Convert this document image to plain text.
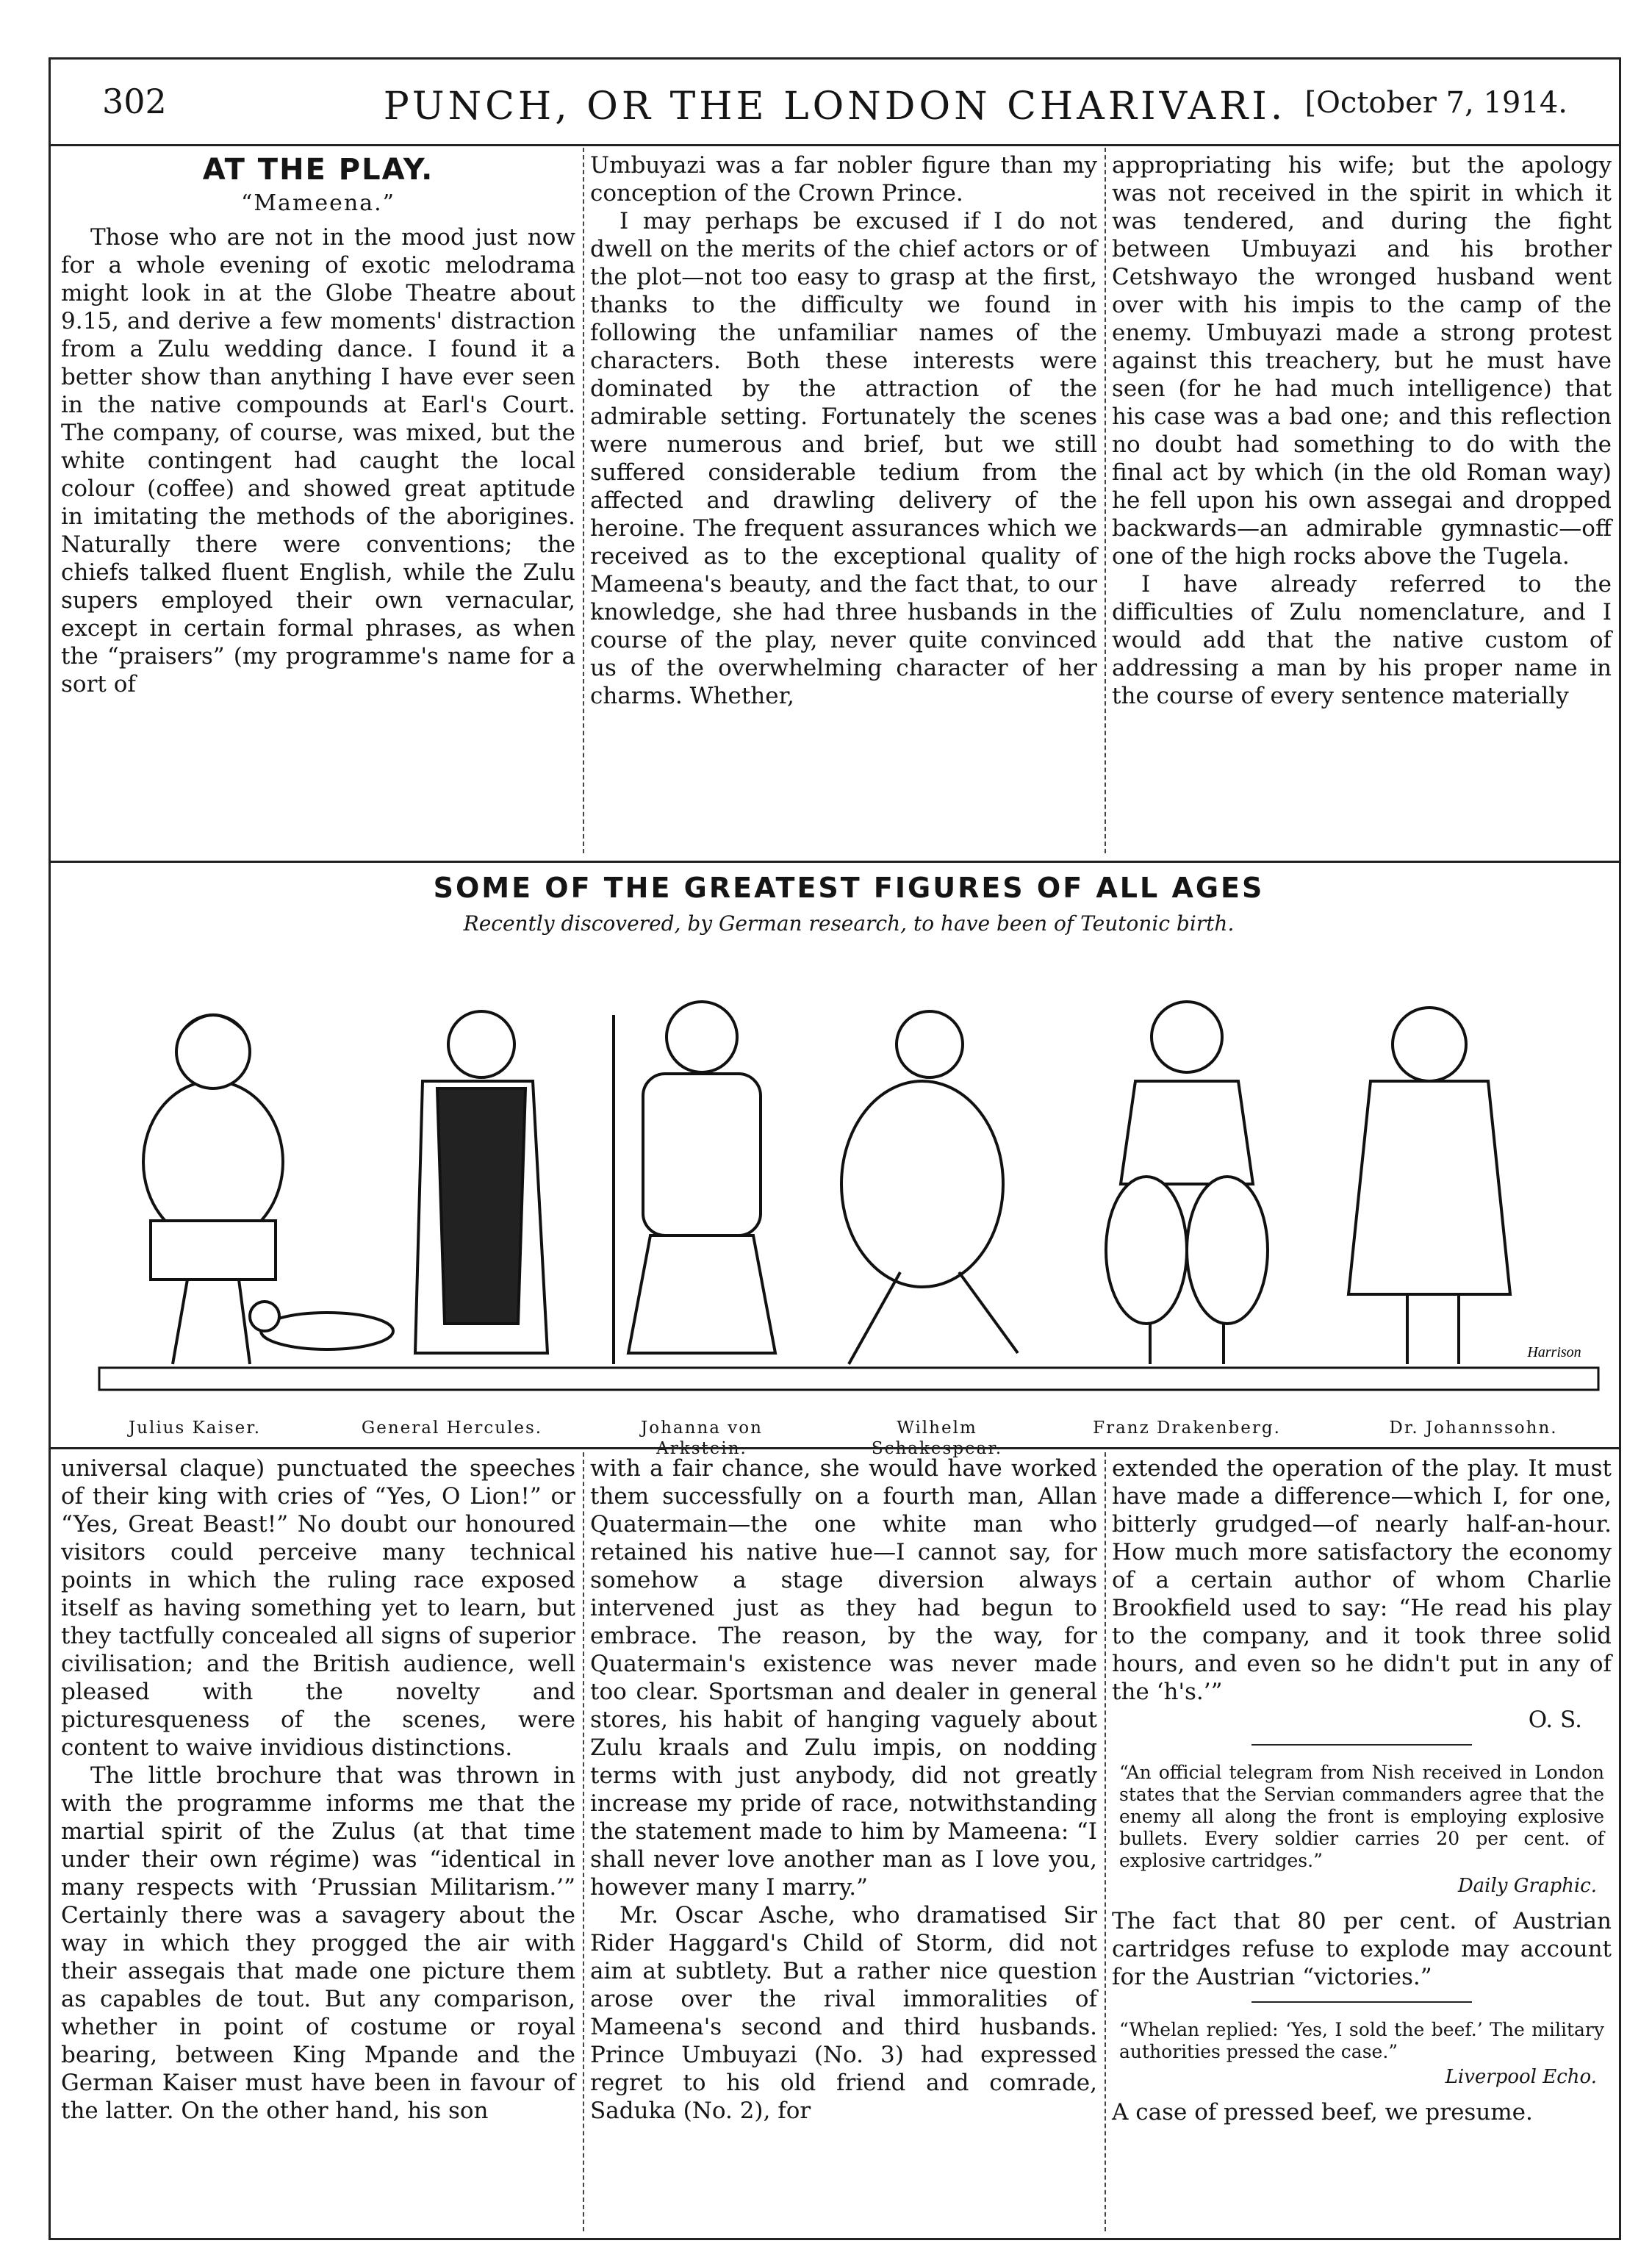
302	PUNCH, OR THE LONDON CHARIVARI. [October 7, 1914.
AT THE PLAY.
“Mameena.”

Those who are not in the mood just now for a whole evening of exotic melodrama might look in at the Globe Theatre about 9.15, and derive a few moments' distraction from a Zulu wedding dance. I found it a better show than anything I have ever seen in the native compounds at Earl's Court. The company, of course, was mixed, but the white contingent had caught the local colour (coffee) and showed great aptitude in imitating the methods of the aborigines. Naturally there were conventions; the chiefs talked fluent English, while the Zulu supers employed their own vernacular, except in certain formal phrases, as when the “praisers” (my programme's name for a sort of

Umbuyazi was a far nobler figure than my conception of the Crown Prince.

I may perhaps be excused if I do not dwell on the merits of the chief actors or of the plot—not too easy to grasp at the first, thanks to the difficulty we found in following the unfamiliar names of the characters. Both these interests were dominated by the attraction of the admirable setting. Fortunately the scenes were numerous and brief, but we still suffered considerable tedium from the affected and drawling delivery of the heroine. The frequent assurances which we received as to the exceptional quality of Mameena's beauty, and the fact that, to our knowledge, she had three husbands in the course of the play, never quite convinced us of the overwhelming character of her charms. Whether,

appropriating his wife; but the apology was not received in the spirit in which it was tendered, and during the fight between Umbuyazi and his brother Cetshwayo the wronged husband went over with his impis to the camp of the enemy. Umbuyazi made a strong protest against this treachery, but he must have seen (for he had much intelligence) that his case was a bad one; and this reflection no doubt had something to do with the final act by which (in the old Roman way) he fell upon his own assegai and dropped backwards—an admirable gymnastic—off one of the high rocks above the Tugela.

I have already referred to the difficulties of Zulu nomenclature, and I would add that the native custom of addressing a man by his proper name in the course of every sentence materially

SOME OF THE GREATEST FIGURES OF ALL AGES
Recently discovered, by German research, to have been of Teutonic birth.
Harrison
Julius Kaiser.	General Hercules.	Johanna von Arkstein.
Wilhelm Schakespear.
Franz Drakenberg.	Dr. Johannssohn.

universal claque) punctuated the speeches of their king with cries of “Yes, O Lion!” or “Yes, Great Beast!” No doubt our honoured visitors could perceive many technical points in which the ruling race exposed itself as having something yet to learn, but they tactfully concealed all signs of superior civilisation; and the British audience, well pleased with the novelty and picturesqueness of the scenes, were content to waive invidious distinctions.

The little brochure that was thrown in with the programme informs me that the martial spirit of the Zulus (at that time under their own régime) was “identical in many respects with ‘Prussian Militarism.’” Certainly there was a savagery about the way in which they progged the air with their assegais that made one picture them as capables de tout. But any comparison, whether in point of costume or royal bearing, between King Mpande and the German Kaiser must have been in favour of the latter. On the other hand, his son

with a fair chance, she would have worked them successfully on a fourth man, Allan Quatermain—the one white man who retained his native hue—I cannot say, for somehow a stage diversion always intervened just as they had begun to embrace. The reason, by the way, for Quatermain's existence was never made too clear. Sportsman and dealer in general stores, his habit of hanging vaguely about Zulu kraals and Zulu impis, on nodding terms with just anybody, did not greatly increase my pride of race, notwithstanding the statement made to him by Mameena: “I shall never love another man as I love you, however many I marry.”

Mr. Oscar Asche, who dramatised Sir Rider Haggard's Child of Storm, did not aim at subtlety. But a rather nice question arose over the rival immoralities of Mameena's second and third husbands. Prince Umbuyazi (No. 3) had expressed regret to his old friend and comrade, Saduka (No. 2), for

extended the operation of the play. It must have made a difference—which I, for one, bitterly grudged—of nearly half-an-hour. How much more satisfactory the economy of a certain author of whom Charlie Brookfield used to say: “He read his play to the company, and it took three solid hours, and even so he didn't put in any of the ‘h's.’”

O. S.
“An official telegram from Nish received in London states that the Servian commanders agree that the enemy all along the front is employing explosive bullets. Every soldier carries 20 per cent. of explosive cartridges.”
Daily Graphic.

The fact that 80 per cent. of Austrian cartridges refuse to explode may account for the Austrian “victories.”

“Whelan replied: ‘Yes, I sold the beef.’ The military authorities pressed the case.”
Liverpool Echo.

A case of pressed beef, we presume.
